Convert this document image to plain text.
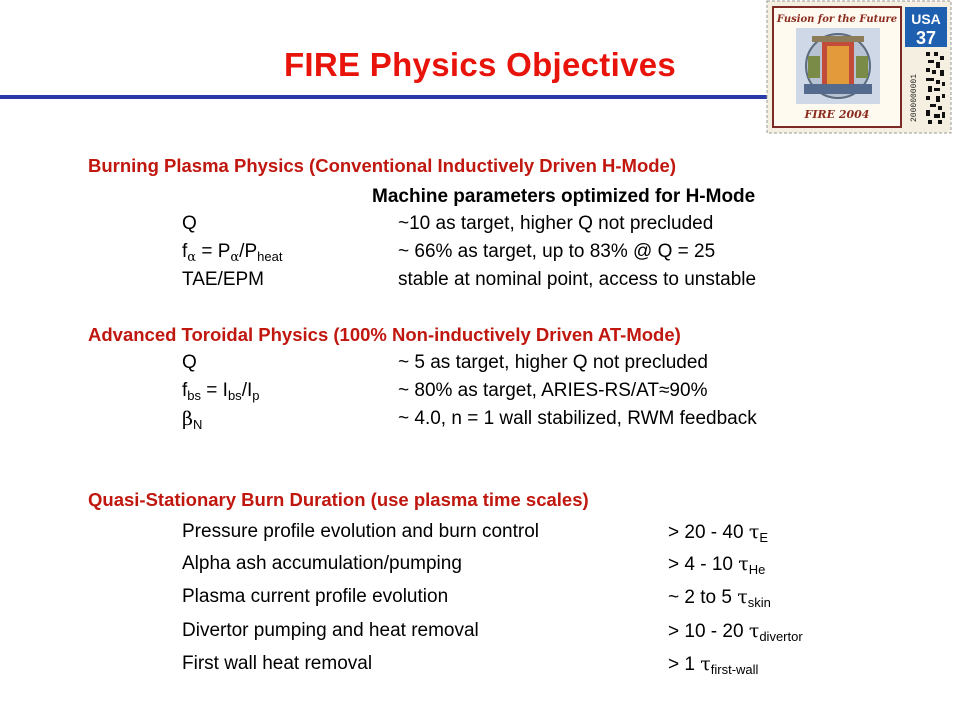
FIRE Physics Objectives
Fusion for the Future
FIRE 2004
USA
37
2000000001
Burning Plasma Physics (Conventional Inductively Driven H-Mode)
Machine parameters optimized for H-Mode
Q	~10 as target, higher Q not precluded
$f_\alpha = P_\alpha/P_{heat}$	~ 66% as target, up to 83% @ Q = 25
TAE/EPM	stable at nominal point, access to unstable
Advanced Toroidal Physics (100% Non-inductively Driven AT-Mode)
Q	~ 5 as target, higher Q not precluded
$f_{bs} = I_{bs}/I_p$	~ 80% as target, ARIES-RS/AT≈90%
$\beta_N$	~ 4.0, n = 1 wall stabilized, RWM feedback
Quasi-Stationary Burn Duration (use plasma time scales)
Pressure profile evolution and burn control	> 20 - 40 $\tau_E$
Alpha ash accumulation/pumping	> 4 - 10 $\tau_{He}$
Plasma current profile evolution	~ 2 to 5 $\tau_{skin}$
Divertor pumping and heat removal	> 10 - 20 $\tau_{divertor}$
First wall heat removal	> 1 $\tau_{first-wall}$
